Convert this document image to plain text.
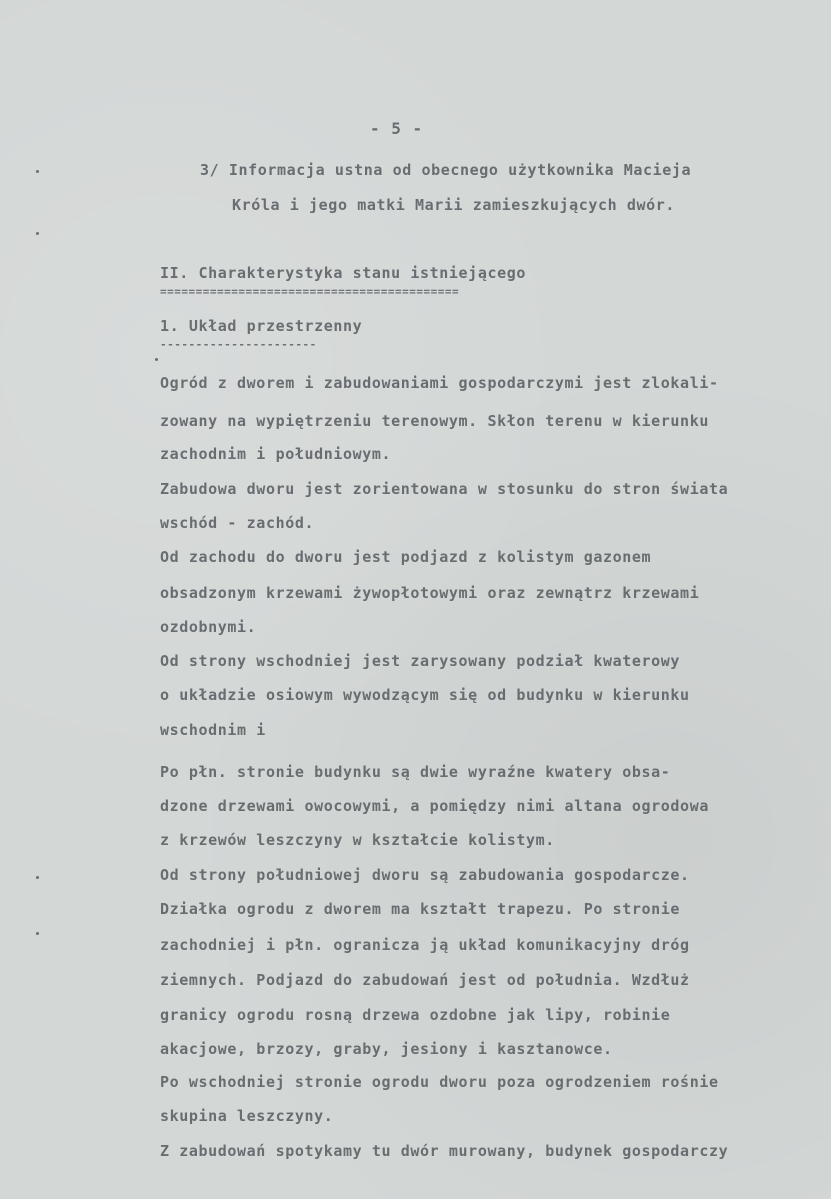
- 5 -
3/ Informacja ustna od obecnego użytkownika Macieja
Króla i jego matki Marii zamieszkujących dwór.
II. Charakterystyka stanu istniejącego
==========================================
1. Układ przestrzenny
----------------------
Ogród z dworem i zabudowaniami gospodarczymi jest zlokali-
zowany na wypiętrzeniu terenowym. Skłon terenu w kierunku
zachodnim i południowym.
Zabudowa dworu jest zorientowana w stosunku do stron świata
wschód - zachód.
Od zachodu do dworu jest podjazd z kolistym gazonem
obsadzonym krzewami żywopłotowymi oraz zewnątrz krzewami
ozdobnymi.
Od strony wschodniej jest zarysowany podział kwaterowy
o układzie osiowym wywodzącym się od budynku w kierunku
wschodnim i
Po płn. stronie budynku są dwie wyraźne kwatery obsa-
dzone drzewami owocowymi, a pomiędzy nimi altana ogrodowa
z krzewów leszczyny w kształcie kolistym.
Od strony południowej dworu są zabudowania gospodarcze.
Działka ogrodu z dworem ma kształt trapezu. Po stronie
zachodniej i płn. ogranicza ją układ komunikacyjny dróg
ziemnych. Podjazd do zabudowań jest od południa. Wzdłuż
granicy ogrodu rosną drzewa ozdobne jak lipy, robinie
akacjowe, brzozy, graby, jesiony i kasztanowce.
Po wschodniej stronie ogrodu dworu poza ogrodzeniem rośnie
skupina leszczyny.
Z zabudowań spotykamy tu dwór murowany, budynek gospodarczy
